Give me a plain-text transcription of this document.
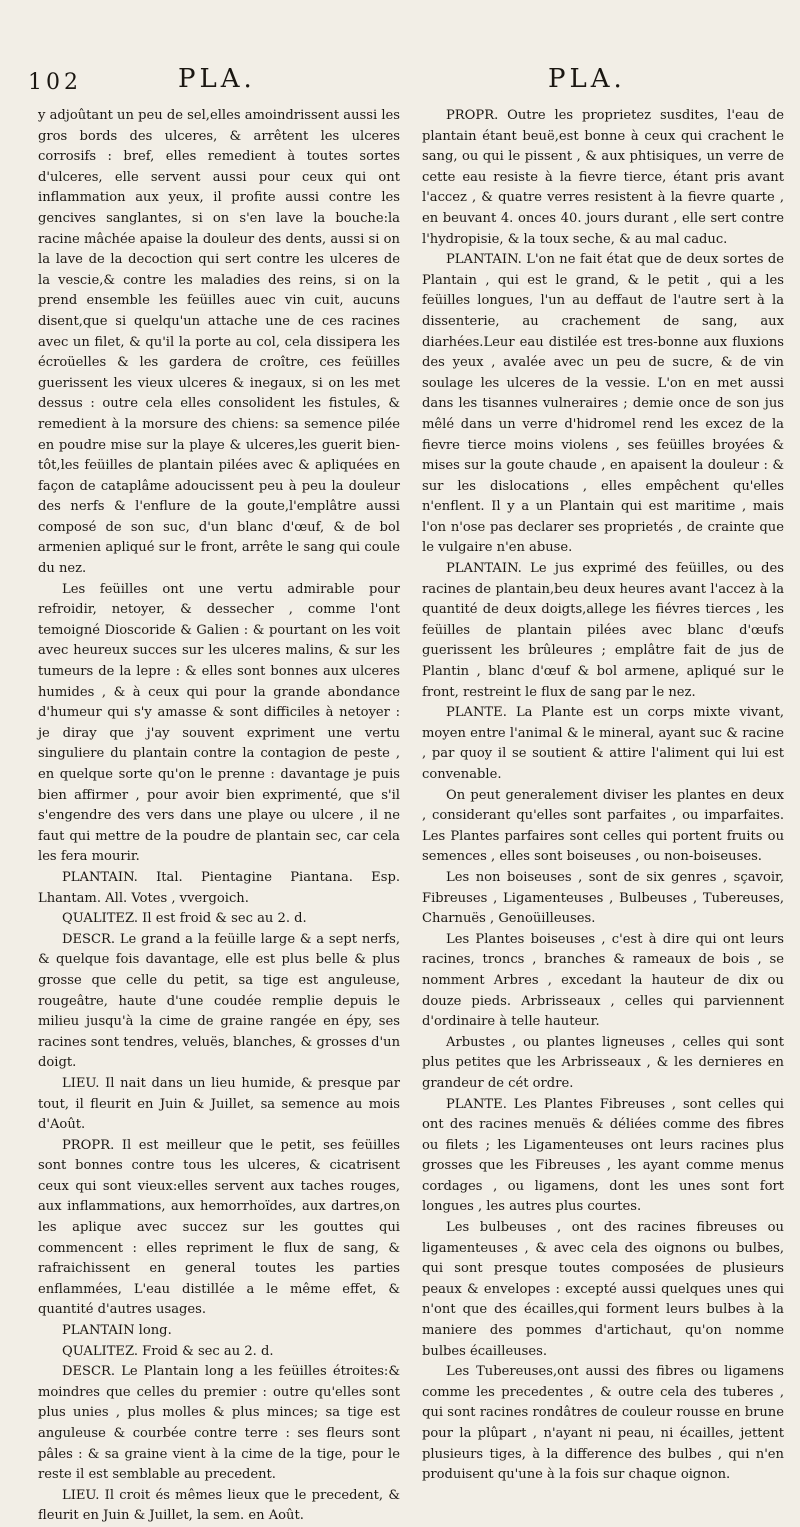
102	PLA.	PLA.

y adjoûtant un peu de sel,elles amoindrissent aussi les gros bords des ulceres, & arrêtent les ulceres corrosifs : bref, elles remedient à toutes sortes d'ulceres, elle servent aussi pour ceux qui ont inflammation aux yeux, il profite aussi contre les gencives sanglantes, si on s'en lave la bouche:la racine mâchée apaise la douleur des dents, aussi si on la lave de la decoction qui sert contre les ulceres de la vescie,& contre les maladies des reins, si on la prend ensemble les feüilles auec vin cuit, aucuns disent,que si quelqu'un attache une de ces racines avec un filet, & qu'il la porte au col, cela dissipera les écroüelles & les gardera de croître, ces feüilles guerissent les vieux ulceres & inegaux, si on les met dessus : outre cela elles consolident les fistules, & remedient à la morsure des chiens: sa semence pilée en poudre mise sur la playe & ulceres,les guerit bien-tôt,les feüilles de plantain pilées avec & apliquées en façon de cataplâme adoucissent peu à peu la douleur des nerfs & l'enflure de la goute,l'emplâtre aussi composé de son suc, d'un blanc d'œuf, & de bol armenien apliqué sur le front, arrête le sang qui coule du nez.

Les feüilles ont une vertu admirable pour refroidir, netoyer, & dessecher , comme l'ont temoigné Dioscoride & Galien : & pourtant on les voit avec heureux succes sur les ulceres malins, & sur les tumeurs de la lepre : & elles sont bonnes aux ulceres humides , & à ceux qui pour la grande abondance d'humeur qui s'y amasse & sont difficiles à netoyer : je diray que j'ay souvent expriment une vertu singuliere du plantain contre la contagion de peste , en quelque sorte qu'on le prenne : davantage je puis bien affirmer , pour avoir bien exprimenté, que s'il s'engendre des vers dans une playe ou ulcere , il ne faut qui mettre de la poudre de plantain sec, car cela les fera mourir.

PLANTAIN. Ital. Pientagine Piantana. Esp. Lhantam. All. Votes , vvergoich.

QUALITEZ. Il est froid & sec au 2. d.

DESCR. Le grand a la feüille large & a sept nerfs, & quelque fois davantage, elle est plus belle & plus grosse que celle du petit, sa tige est anguleuse, rougeâtre, haute d'une coudée remplie depuis le milieu jusqu'à la cime de graine rangée en épy, ses racines sont tendres, veluës, blanches, & grosses d'un doigt.

LIEU. Il nait dans un lieu humide, & presque par tout, il fleurit en Juin & Juillet, sa semence au mois d'Août.

PROPR. Il est meilleur que le petit, ses feüilles sont bonnes contre tous les ulceres, & cicatrisent ceux qui sont vieux:elles servent aux taches rouges, aux inflammations, aux hemorrhoïdes, aux dartres,on les aplique avec succez sur les gouttes qui commencent : elles repriment le flux de sang, & rafraichissent en general toutes les parties enflammées, L'eau distillée a le même effet, & quantité d'autres usages.

PLANTAIN long.

QUALITEZ. Froid & sec au 2. d.

DESCR. Le Plantain long a les feüilles étroites:& moindres que celles du premier : outre qu'elles sont plus unies , plus molles & plus minces; sa tige est anguleuse & courbée contre terre : ses fleurs sont pâles : & sa graine vient à la cime de la tige, pour le reste il est semblable au precedent.

LIEU. Il croit és mêmes lieux que le precedent, & fleurit en Juin & Juillet, la sem. en Août.

PROPR. Outre les proprietez susdites, l'eau de plantain étant beuë,est bonne à ceux qui crachent le sang, ou qui le pissent , & aux phtisiques, un verre de cette eau resiste à la fievre tierce, étant pris avant l'accez , & quatre verres resistent à la fievre quarte , en beuvant 4. onces 40. jours durant , elle sert contre l'hydropisie, & la toux seche, & au mal caduc.

PLANTAIN. L'on ne fait état que de deux sortes de Plantain , qui est le grand, & le petit , qui a les feüilles longues, l'un au deffaut de l'autre sert à la dissenterie, au crachement de sang, aux diarhées.Leur eau distilée est tres-bonne aux fluxions des yeux , avalée avec un peu de sucre, & de vin soulage les ulceres de la vessie. L'on en met aussi dans les tisannes vulneraires ; demie once de son jus mêlé dans un verre d'hidromel rend les excez de la fievre tierce moins violens , ses feüilles broyées & mises sur la goute chaude , en apaisent la douleur : & sur les dislocations , elles empêchent qu'elles n'enflent. Il y a un Plantain qui est maritime , mais l'on n'ose pas declarer ses proprietés , de crainte que le vulgaire n'en abuse.

PLANTAIN. Le jus exprimé des feüilles, ou des racines de plantain,beu deux heures avant l'accez à la quantité de deux doigts,allege les fiévres tierces , les feüilles de plantain pilées avec blanc d'œufs guerissent les brûleures ; emplâtre fait de jus de Plantin , blanc d'œuf & bol armene, apliqué sur le front, restreint le flux de sang par le nez.

PLANTE. La Plante est un corps mixte vivant, moyen entre l'animal & le mineral, ayant suc & racine , par quoy il se soutient & attire l'aliment qui lui est convenable.

On peut generalement diviser les plantes en deux , considerant qu'elles sont parfaites , ou imparfaites. Les Plantes parfaires sont celles qui portent fruits ou semences , elles sont boiseuses , ou non-boiseuses.

Les non boiseuses , sont de six genres , sçavoir, Fibreuses , Ligamenteuses , Bulbeuses , Tubereuses, Charnuës , Genoüilleuses.

Les Plantes boiseuses , c'est à dire qui ont leurs racines, troncs , branches & rameaux de bois , se nomment Arbres , excedant la hauteur de dix ou douze pieds. Arbrisseaux , celles qui parviennent d'ordinaire à telle hauteur.

Arbustes , ou plantes ligneuses , celles qui sont plus petites que les Arbrisseaux , & les dernieres en grandeur de cét ordre.

PLANTE. Les Plantes Fibreuses , sont celles qui ont des racines menuës & déliées comme des fibres ou filets ; les Ligamenteuses ont leurs racines plus grosses que les Fibreuses , les ayant comme menus cordages , ou ligamens, dont les unes sont fort longues , les autres plus courtes.

Les bulbeuses , ont des racines fibreuses ou ligamenteuses , & avec cela des oignons ou bulbes, qui sont presque toutes composées de plusieurs peaux & envelopes : excepté aussi quelques unes qui n'ont que des écailles,qui forment leurs bulbes à la maniere des pommes d'artichaut, qu'on nomme bulbes écailleuses.

Les Tubereuses,ont aussi des fibres ou ligamens comme les precedentes , & outre cela des tuberes , qui sont racines rondâtres de couleur rousse en brune pour la plûpart , n'ayant ni peau, ni écailles, jettent plusieurs tiges, à la difference des bulbes , qui n'en produisent qu'une à la fois sur chaque oignon.
